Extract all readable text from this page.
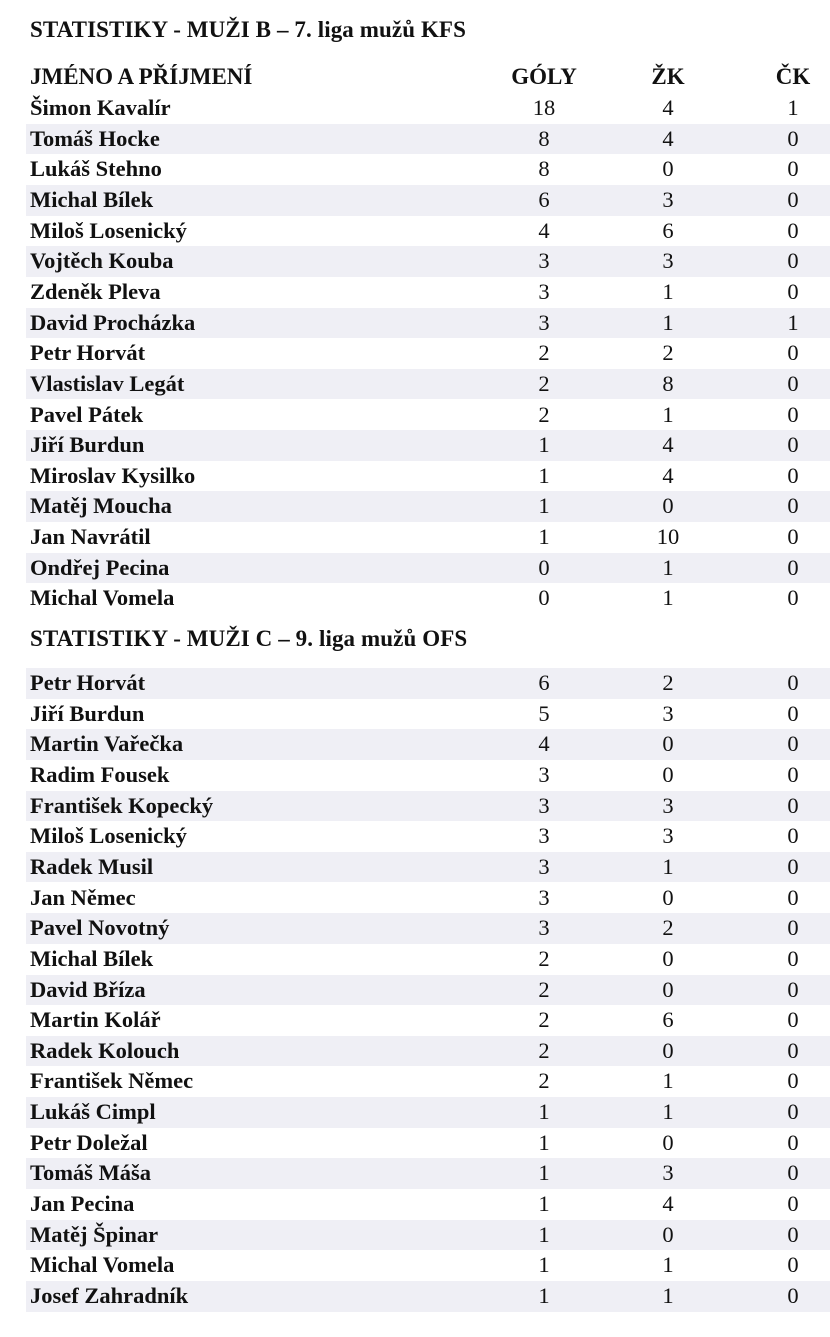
STATISTIKY - MUŽI B – 7. liga mužů KFS
JMÉNO A PŘÍJMENÍ	GÓLY	ŽK	ČK
Šimon Kavalír	18	4	1
Tomáš Hocke	8	4	0
Lukáš Stehno	8	0	0
Michal Bílek	6	3	0
Miloš Losenický	4	6	0
Vojtěch Kouba	3	3	0
Zdeněk Pleva	3	1	0
David Procházka	3	1	1
Petr Horvát	2	2	0
Vlastislav Legát	2	8	0
Pavel Pátek	2	1	0
Jiří Burdun	1	4	0
Miroslav Kysilko	1	4	0
Matěj Moucha	1	0	0
Jan Navrátil	1	10	0
Ondřej Pecina	0	1	0
Michal Vomela	0	1	0
STATISTIKY - MUŽI C – 9. liga mužů OFS
Petr Horvát	6	2	0
Jiří Burdun	5	3	0
Martin Vařečka	4	0	0
Radim Fousek	3	0	0
František Kopecký	3	3	0
Miloš Losenický	3	3	0
Radek Musil	3	1	0
Jan Němec	3	0	0
Pavel Novotný	3	2	0
Michal Bílek	2	0	0
David Bříza	2	0	0
Martin Kolář	2	6	0
Radek Kolouch	2	0	0
František Němec	2	1	0
Lukáš Cimpl	1	1	0
Petr Doležal	1	0	0
Tomáš Máša	1	3	0
Jan Pecina	1	4	0
Matěj Špinar	1	0	0
Michal Vomela	1	1	0
Josef Zahradník	1	1	0
